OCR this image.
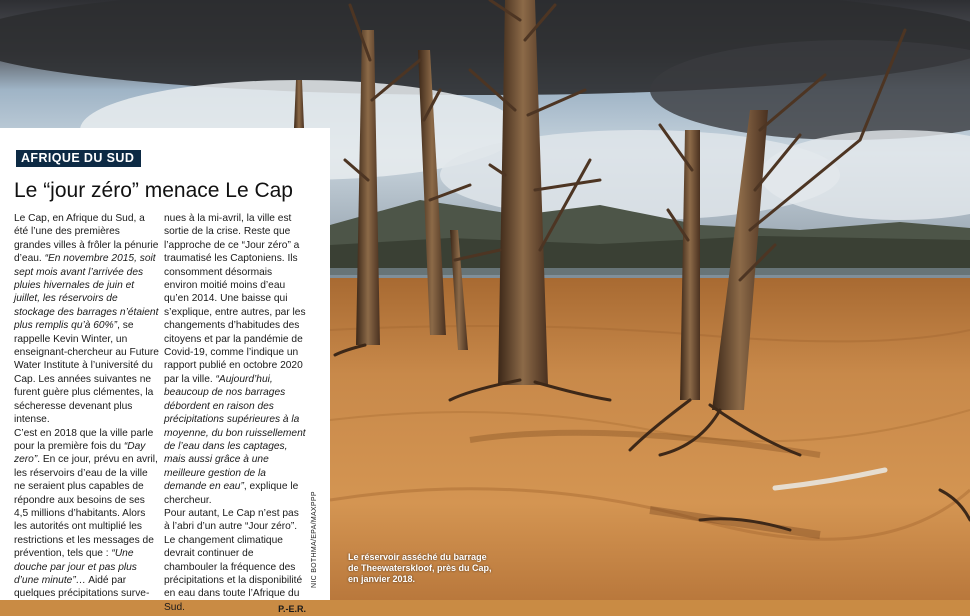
AFRIQUE DU SUD
Le “jour zéro” menace Le Cap

Le Cap, en Afrique du Sud, a été l’une des premières grandes villes à frôler la pénurie d’eau. “En novembre 2015, soit sept mois avant l’arrivée des pluies hivernales de juin et juillet, les réservoirs de stockage des barrages n’étaient plus remplis qu’à 60%”, se rappelle Kevin Winter, un enseignant-chercheur au Future Water Institute à l’université du Cap. Les années suivantes ne furent guère plus clémentes, la sécheresse devenant plus intense.

C’est en 2018 que la ville parle pour la première fois du “Day zero”. En ce jour, prévu en avril, les réservoirs d’eau de la ville ne seraient plus capables de répondre aux besoins de ses 4,5 millions d’habitants. Alors les autorités ont multiplié les restrictions et les messages de prévention, tels que : “Une douche par jour et pas plus d’une minute”… Aidé par quelques précipitations surve-

nues à la mi-avril, la ville est sortie de la crise. Reste que l’approche de ce “Jour zéro” a traumatisé les Captoniens. Ils consomment désormais environ moitié moins d’eau qu’en 2014. Une baisse qui s’explique, entre autres, par les changements d’habitudes des citoyens et par la pandémie de Covid-19, comme l’indique un rapport publié en octobre 2020 par la ville. “Aujourd’hui, beaucoup de nos barrages débordent en raison des précipitations supérieures à la moyenne, du bon ruissellement de l’eau dans les captages, mais aussi grâce à une meilleure gestion de la demande en eau”, explique le chercheur.

Pour autant, Le Cap n’est pas à l’abri d’un autre “Jour zéro”. Le changement climatique devrait continuer de chambouler la fréquence des précipitations et la disponibilité en eau dans toute l’Afrique du Sud.	P.-E.R.

NIC BOTHMA/EPA/MAXPPP	Le réservoir asséché du barrage de Theewaterskloof, près du Cap, en janvier 2018.
